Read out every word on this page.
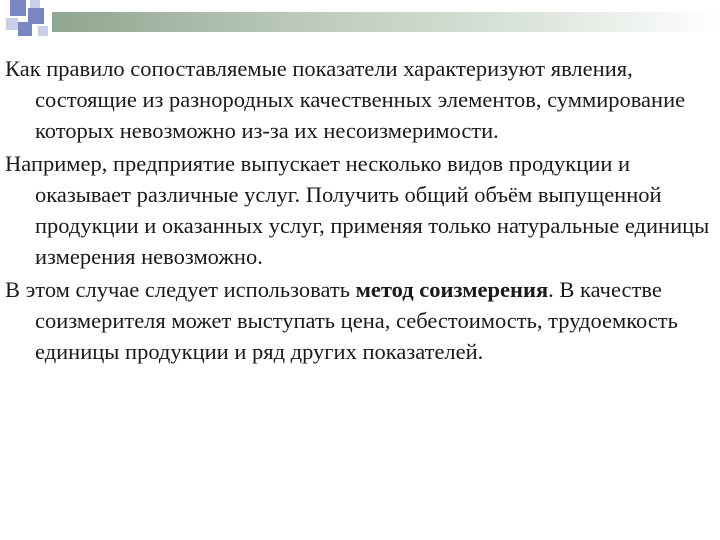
Как правило сопоставляемые показатели характеризуют явления, состоящие из разнородных качественных элементов, суммирование которых невозможно из-за их несоизмеримости.

Например, предприятие выпускает несколько видов продукции и оказывает различные услуг. Получить общий объём выпущенной продукции и оказанных услуг, применяя только натуральные единицы измерения невозможно.

В этом случае следует использовать метод соизмерения. В качестве соизмерителя может выступать цена, себестоимость, трудоемкость единицы продукции и ряд других показателей.
